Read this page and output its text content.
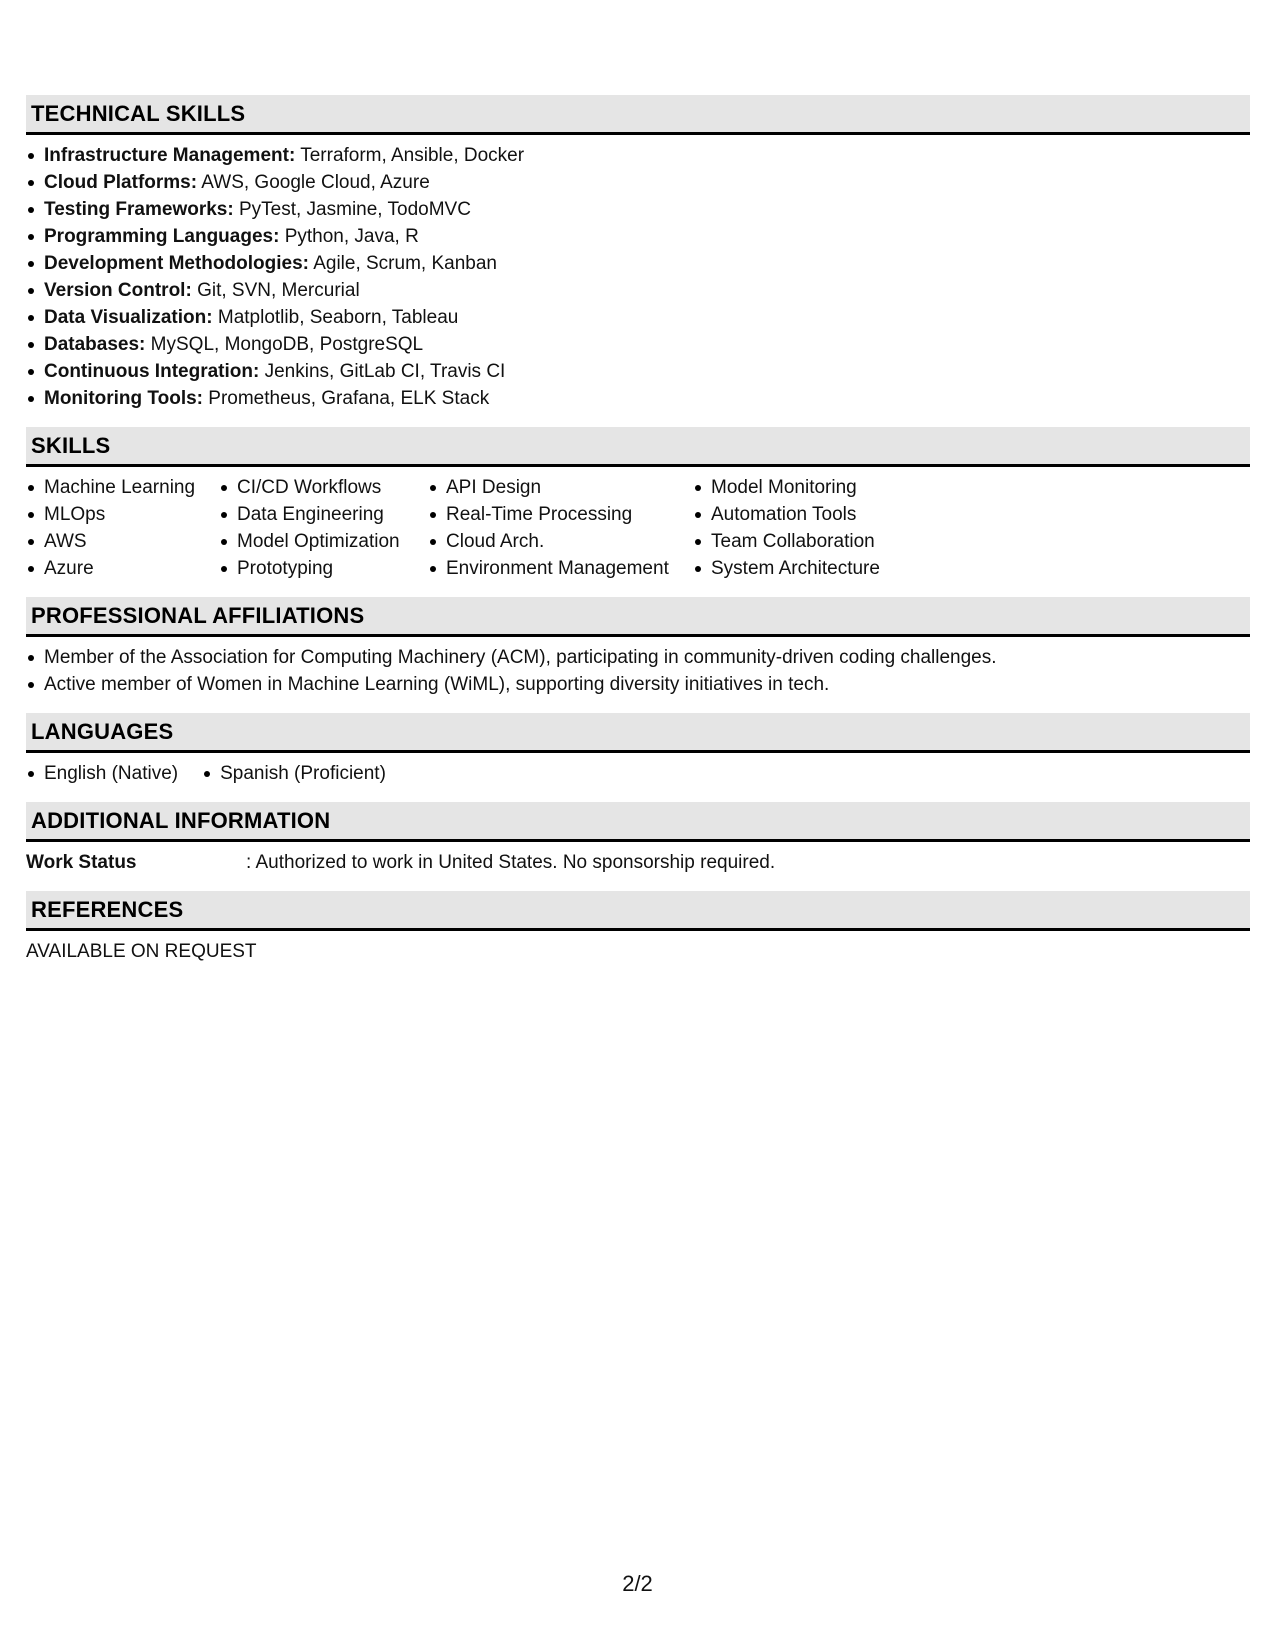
TECHNICAL SKILLS
Infrastructure Management: Terraform, Ansible, Docker
Cloud Platforms: AWS, Google Cloud, Azure
Testing Frameworks: PyTest, Jasmine, TodoMVC
Programming Languages: Python, Java, R
Development Methodologies: Agile, Scrum, Kanban
Version Control: Git, SVN, Mercurial
Data Visualization: Matplotlib, Seaborn, Tableau
Databases: MySQL, MongoDB, PostgreSQL
Continuous Integration: Jenkins, GitLab CI, Travis CI
Monitoring Tools: Prometheus, Grafana, ELK Stack
SKILLS
Machine Learning
MLOps
AWS
Azure
CI/CD Workflows
Data Engineering
Model Optimization
Prototyping
API Design
Real-Time Processing
Cloud Arch.
Environment Management
Model Monitoring
Automation Tools
Team Collaboration
System Architecture
PROFESSIONAL AFFILIATIONS
Member of the Association for Computing Machinery (ACM), participating in community-driven coding challenges.
Active member of Women in Machine Learning (WiML), supporting diversity initiatives in tech.
LANGUAGES
English (Native)	Spanish (Proficient)
ADDITIONAL INFORMATION
Work Status	: Authorized to work in United States. No sponsorship required.
REFERENCES
AVAILABLE ON REQUEST
2/2
